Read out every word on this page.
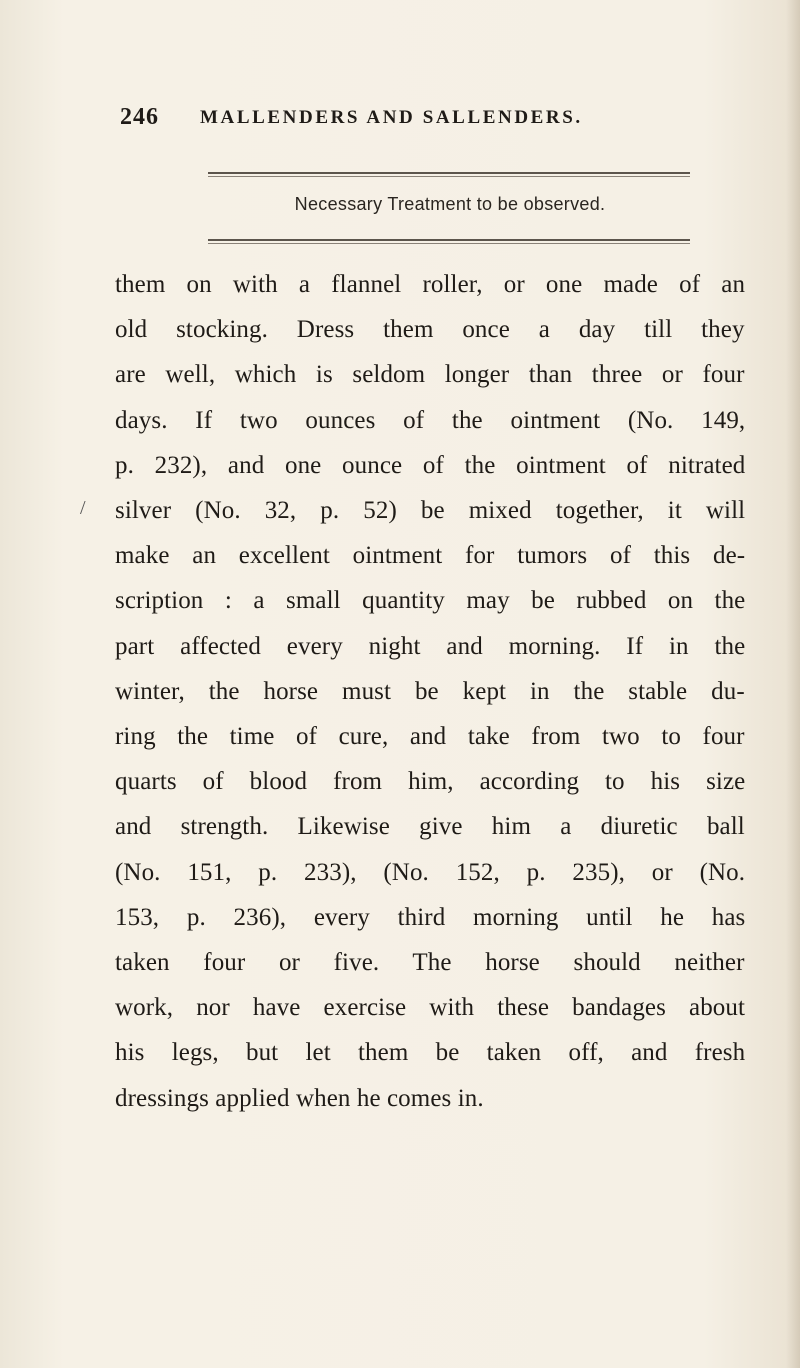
246 MALLENDERS AND SALLENDERS.
Necessary Treatment to be observed.
/
them on with a flannel roller, or one made of an
old stocking. Dress them once a day till they
are well, which is seldom longer than three or four
days. If two ounces of the ointment (No. 149,
p. 232), and one ounce of the ointment of nitrated
silver (No. 32, p. 52) be mixed together, it will
make an excellent ointment for tumors of this de-
scription : a small quantity may be rubbed on the
part affected every night and morning. If in the
winter, the horse must be kept in the stable du-
ring the time of cure, and take from two to four
quarts of blood from him, according to his size
and strength. Likewise give him a diuretic ball
(No. 151, p. 233), (No. 152, p. 235), or (No.
153, p. 236), every third morning until he has
taken four or five. The horse should neither
work, nor have exercise with these bandages about
his legs, but let them be taken off, and fresh
dressings applied when he comes in.
